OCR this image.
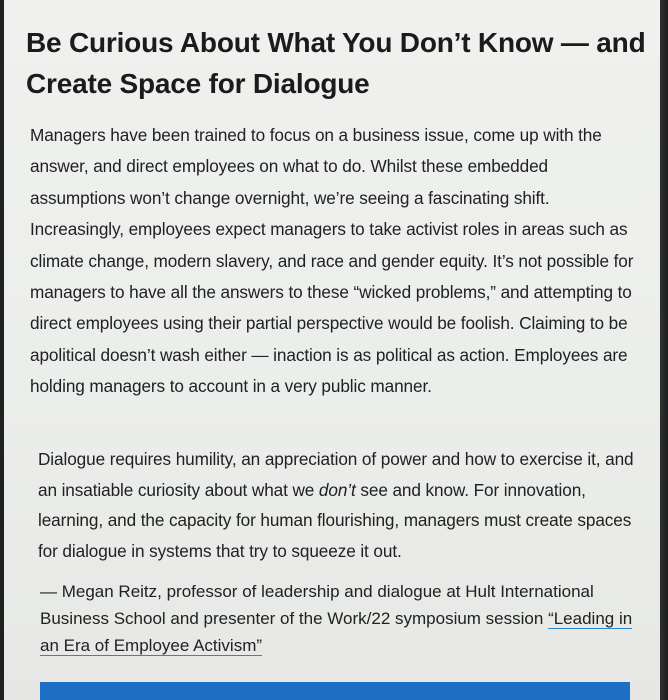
Be Curious About What You Don’t Know — and Create Space for Dialogue

Managers have been trained to focus on a business issue, come up with the answer, and direct employees on what to do. Whilst these embedded assumptions won’t change overnight, we’re seeing a fascinating shift. Increasingly, employees expect managers to take activist roles in areas such as climate change, modern slavery, and race and gender equity. It’s not possible for managers to have all the answers to these “wicked problems,” and attempting to direct employees using their partial perspective would be foolish. Claiming to be apolitical doesn’t wash either — inaction is as political as action. Employees are holding managers to account in a very public manner.

Dialogue requires humility, an appreciation of power and how to exercise it, and an insatiable curiosity about what we don’t see and know. For innovation, learning, and the capacity for human flourishing, managers must create spaces for dialogue in systems that try to squeeze it out.

— Megan Reitz, professor of leadership and dialogue at Hult International Business School and presenter of the Work/22 symposium session “Leading in an Era of Employee Activism”
